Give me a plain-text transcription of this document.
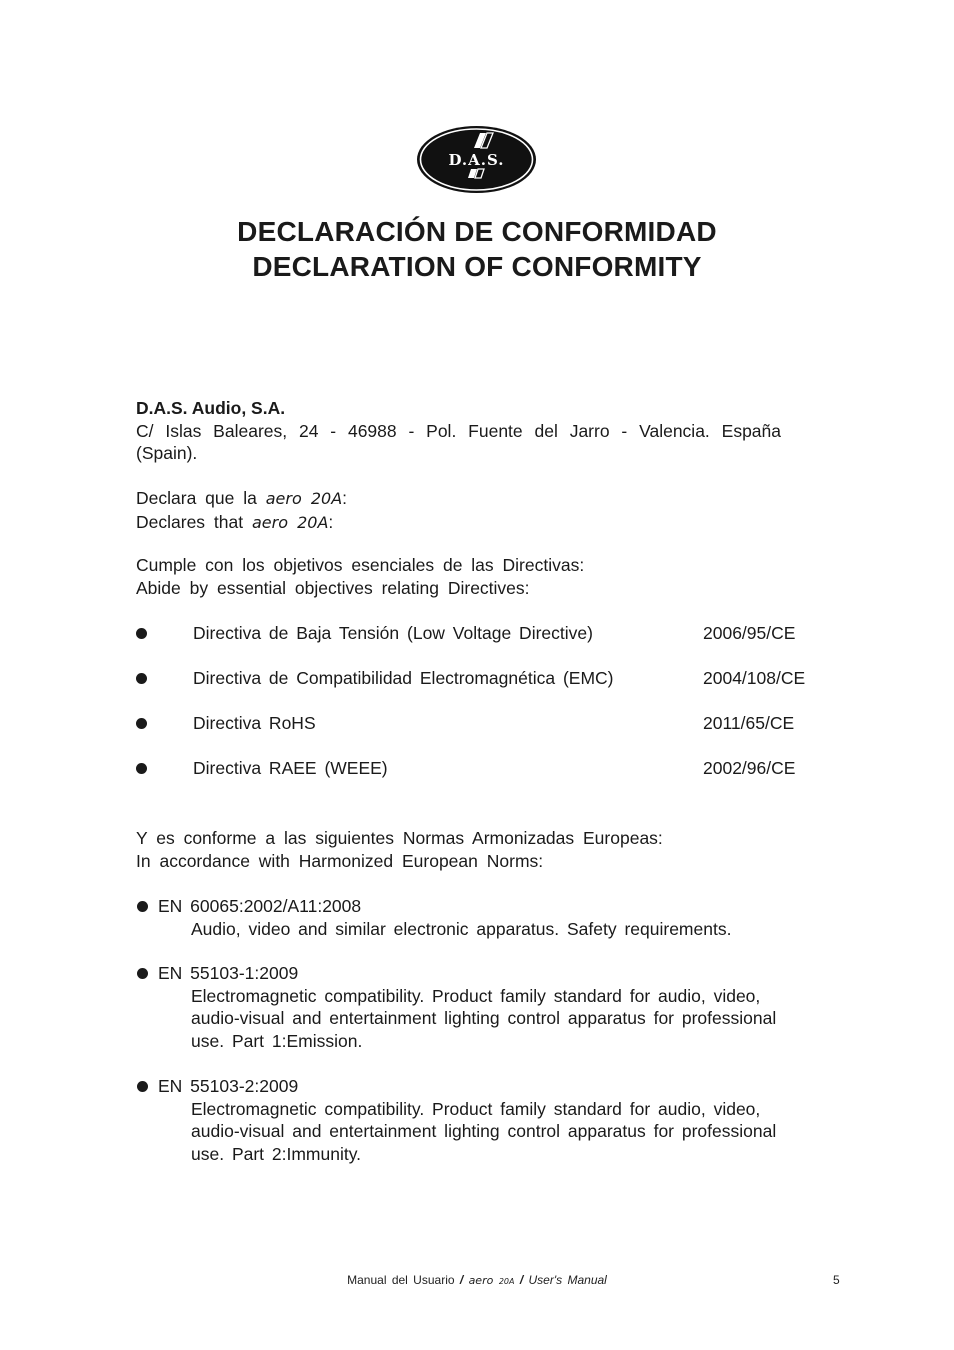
D.A.S.
DECLARACIÓN DE CONFORMIDAD
DECLARATION OF CONFORMITY
D.A.S. Audio, S.A.
C/ Islas Baleares, 24 - 46988 - Pol. Fuente del Jarro - Valencia. España (Spain).
Declara que la aero 20A:
Declares that aero 20A:
Cumple con los objetivos esenciales de las Directivas:
Abide by essential objectives relating Directives:
Directiva de Baja Tensión (Low Voltage Directive)	2006/95/CE
Directiva de Compatibilidad Electromagnética (EMC)	2004/108/CE
Directiva RoHS	2011/65/CE
Directiva RAEE (WEEE)	2002/96/CE
Y es conforme a las siguientes Normas Armonizadas Europeas:
In accordance with Harmonized European Norms:
EN 60065:2002/A11:2008
Audio, video and similar electronic apparatus. Safety requirements.
EN 55103-1:2009
Electromagnetic compatibility. Product family standard for audio, video, audio-visual and entertainment lighting control apparatus for professional use. Part 1:Emission.
EN 55103-2:2009
Electromagnetic compatibility. Product family standard for audio, video, audio-visual and entertainment lighting control apparatus for professional use. Part 2:Immunity.
Manual del Usuario / aero 20A / User's Manual	5
